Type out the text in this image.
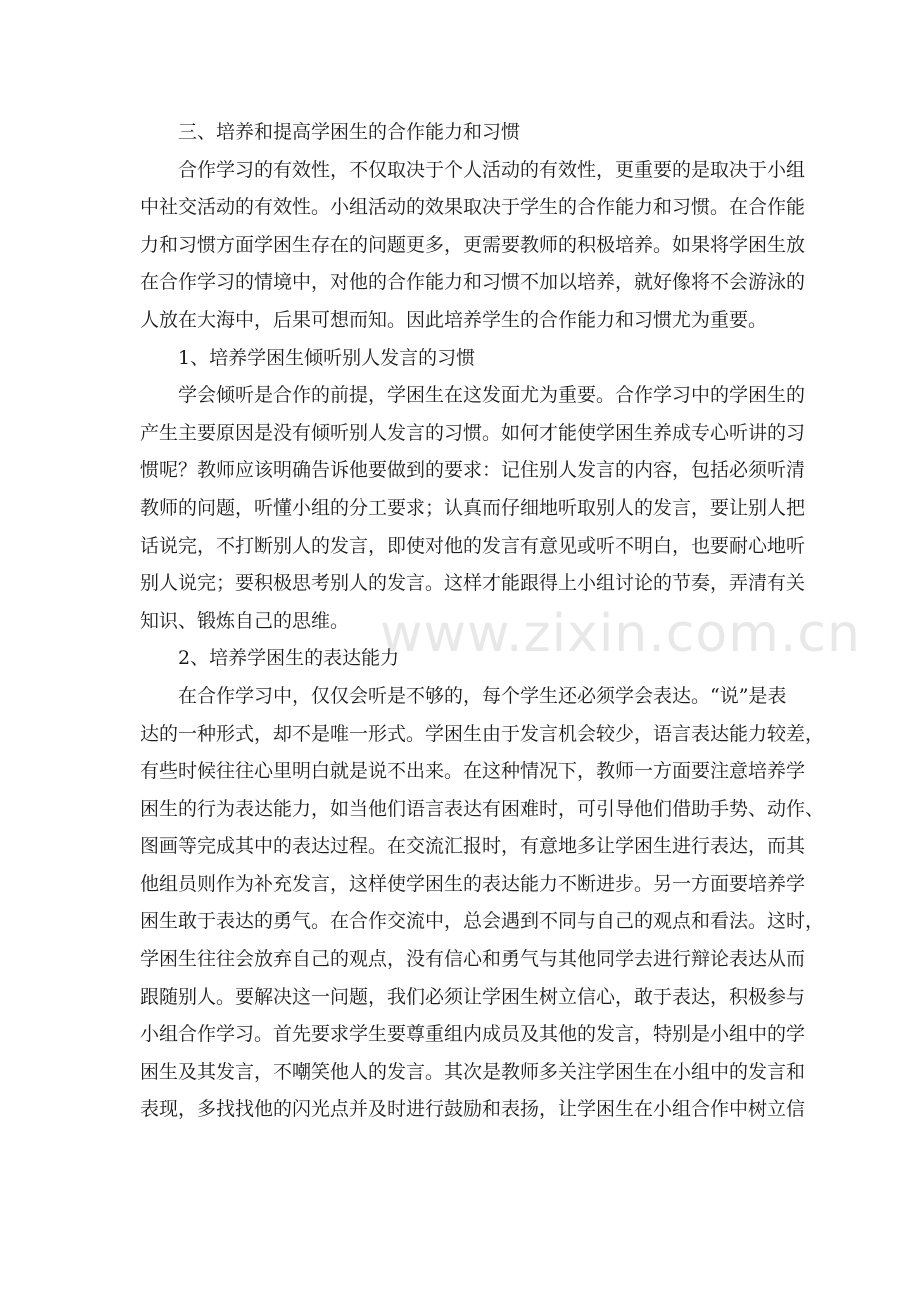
三、培养和提高学困生的合作能力和习惯
合作学习的有效性，不仅取决于个人活动的有效性，更重要的是取决于小组
中社交活动的有效性。小组活动的效果取决于学生的合作能力和习惯。在合作能
力和习惯方面学困生存在的问题更多，更需要教师的积极培养。如果将学困生放
在合作学习的情境中，对他的合作能力和习惯不加以培养，就好像将不会游泳的
人放在大海中，后果可想而知。因此培养学生的合作能力和习惯尤为重要。
1、培养学困生倾听别人发言的习惯
学会倾听是合作的前提，学困生在这发面尤为重要。合作学习中的学困生的
产生主要原因是没有倾听别人发言的习惯。如何才能使学困生养成专心听讲的习
惯呢？教师应该明确告诉他要做到的要求：记住别人发言的内容，包括必须听清
教师的问题，听懂小组的分工要求；认真而仔细地听取别人的发言，要让别人把
话说完，不打断别人的发言，即使对他的发言有意见或听不明白，也要耐心地听
别人说完；要积极思考别人的发言。这样才能跟得上小组讨论的节奏，弄清有关
知识、锻炼自己的思维。
2、培养学困生的表达能力
在合作学习中，仅仅会听是不够的，每个学生还必须学会表达。“说”是表
达的一种形式，却不是唯一形式。学困生由于发言机会较少，语言表达能力较差，
有些时候往往心里明白就是说不出来。在这种情况下，教师一方面要注意培养学
困生的行为表达能力，如当他们语言表达有困难时，可引导他们借助手势、动作、
图画等完成其中的表达过程。在交流汇报时，有意地多让学困生进行表达，而其
他组员则作为补充发言，这样使学困生的表达能力不断进步。另一方面要培养学
困生敢于表达的勇气。在合作交流中，总会遇到不同与自己的观点和看法。这时，
学困生往往会放弃自己的观点，没有信心和勇气与其他同学去进行辩论表达从而
跟随别人。要解决这一问题，我们必须让学困生树立信心，敢于表达，积极参与
小组合作学习。首先要求学生要尊重组内成员及其他的发言，特别是小组中的学
困生及其发言，不嘲笑他人的发言。其次是教师多关注学困生在小组中的发言和
表现，多找找他的闪光点并及时进行鼓励和表扬，让学困生在小组合作中树立信
www.zixin.com.cn
